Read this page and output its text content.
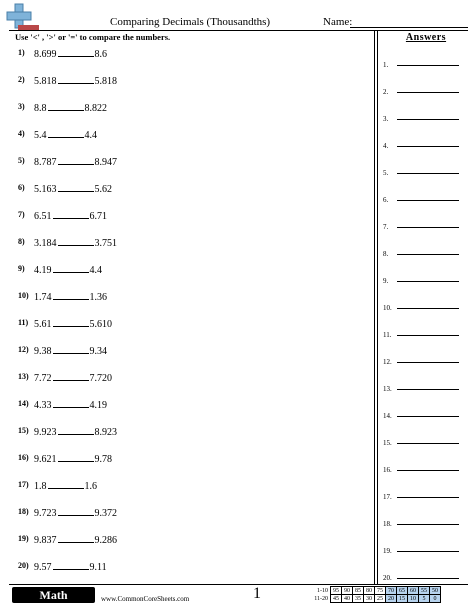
Comparing Decimals (Thousandths)	Name:
Use '<' , '>' or '=' to compare the numbers.	Answers
1) 8.699	8.6
2) 5.818	5.818
3) 8.8	8.822
4) 5.4	4.4
5) 8.787	8.947
6) 5.163	5.62
7) 6.51	6.71
8) 3.184	3.751
9) 4.19	4.4
10) 1.74	1.36
11) 5.61	5.610
12) 9.38	9.34
13) 7.72	7.720
14) 4.33	4.19
15) 9.923	8.923
16) 9.621	9.78
17) 1.8	1.6
18) 9.723	9.372
19) 9.837	9.286
20) 9.57	9.11
1.
2.
3.
4.
5.
6.
7.
8.
9.
10.
11.
12.
13.
14.
15.
16.
17.
18.
19.
20.
Math	www.CommonCoreSheets.com	1	1-10	95	90	85	80	75	70	65	60	55	50
11-20	45	40	35	30	25	20	15	10	5	0
